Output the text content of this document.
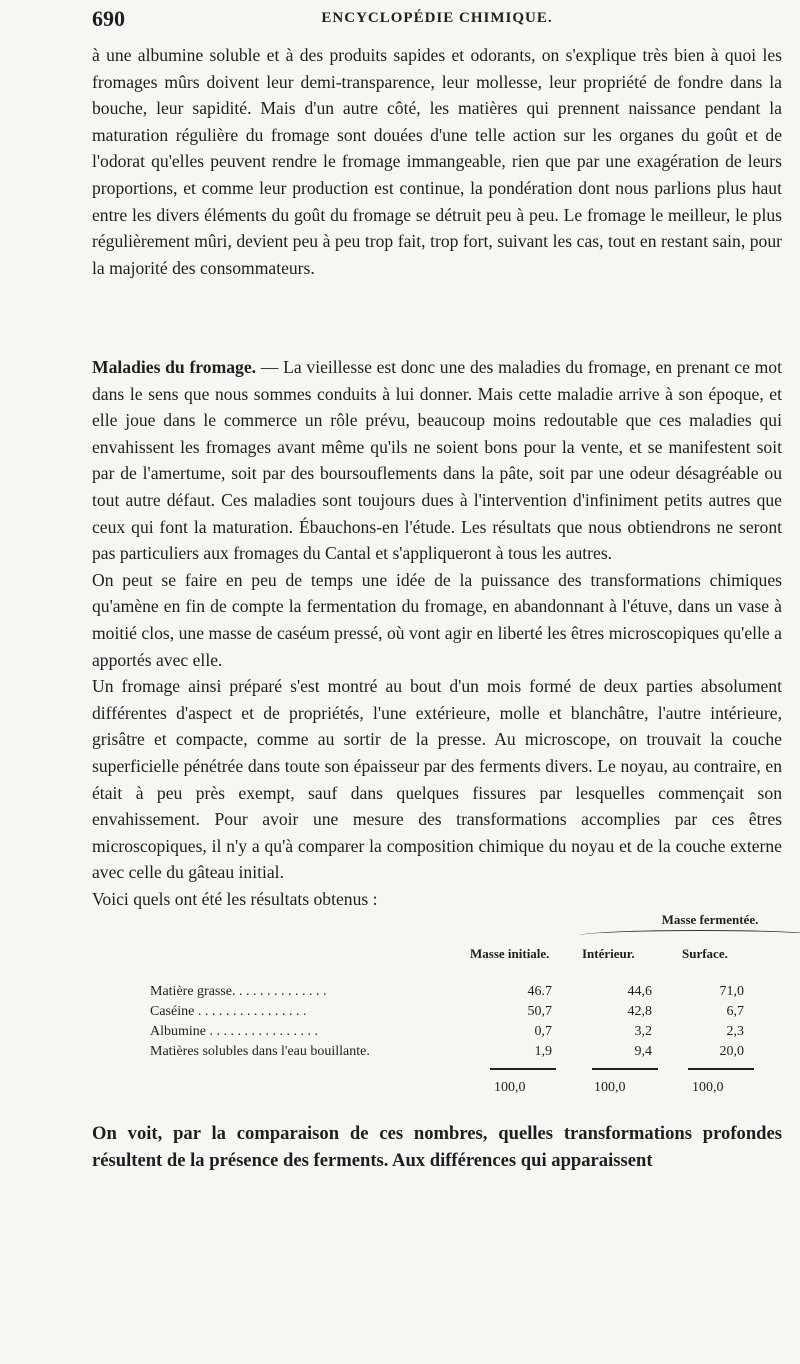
690	ENCYCLOPÉDIE CHIMIQUE.

à une albumine soluble et à des produits sapides et odorants, on s'explique très bien à quoi les fromages mûrs doivent leur demi-transparence, leur mollesse, leur propriété de fondre dans la bouche, leur sapidité. Mais d'un autre côté, les matières qui prennent naissance pendant la maturation régulière du fromage sont douées d'une telle action sur les organes du goût et de l'odorat qu'elles peuvent rendre le fromage immangeable, rien que par une exagération de leurs proportions, et comme leur production est continue, la pondération dont nous parlions plus haut entre les divers éléments du goût du fromage se détruit peu à peu. Le fromage le meilleur, le plus régulièrement mûri, devient peu à peu trop fait, trop fort, suivant les cas, tout en restant sain, pour la majorité des consommateurs.

Maladies du fromage. — La vieillesse est donc une des maladies du fromage, en prenant ce mot dans le sens que nous sommes conduits à lui donner. Mais cette maladie arrive à son époque, et elle joue dans le commerce un rôle prévu, beaucoup moins redoutable que ces maladies qui envahissent les fromages avant même qu'ils ne soient bons pour la vente, et se manifestent soit par de l'amertume, soit par des boursouflements dans la pâte, soit par une odeur désagréable ou tout autre défaut. Ces maladies sont toujours dues à l'intervention d'infiniment petits autres que ceux qui font la maturation. Ébauchons-en l'étude. Les résultats que nous obtiendrons ne seront pas particuliers aux fromages du Cantal et s'appliqueront à tous les autres.

On peut se faire en peu de temps une idée de la puissance des transformations chimiques qu'amène en fin de compte la fermentation du fromage, en abandonnant à l'étuve, dans un vase à moitié clos, une masse de caséum pressé, où vont agir en liberté les êtres microscopiques qu'elle a apportés avec elle.

Un fromage ainsi préparé s'est montré au bout d'un mois formé de deux parties absolument différentes d'aspect et de propriétés, l'une extérieure, molle et blanchâtre, l'autre intérieure, grisâtre et compacte, comme au sortir de la presse. Au microscope, on trouvait la couche superficielle pénétrée dans toute son épaisseur par des ferments divers. Le noyau, au contraire, en était à peu près exempt, sauf dans quelques fissures par lesquelles commençait son envahissement. Pour avoir une mesure des transformations accomplies par ces êtres microscopiques, il n'y a qu'à comparer la composition chimique du noyau et de la couche externe avec celle du gâteau initial.

Voici quels ont été les résultats obtenus :

Masse fermentée.
Masse initiale.	Intérieur.	Surface.
Matière grasse. . . . . . . . . . . . . .	46.7	44,6	71,0
Caséine . . . . . . . . . . . . . . . .	50,7	42,8	6,7
Albumine . . . . . . . . . . . . . . . .	0,7	3,2	2,3
Matières solubles dans l'eau bouillante.	1,9	9,4	20,0
100,0	100,0	100,0

On voit, par la comparaison de ces nombres, quelles transformations profondes résultent de la présence des ferments. Aux différences qui apparaissent
